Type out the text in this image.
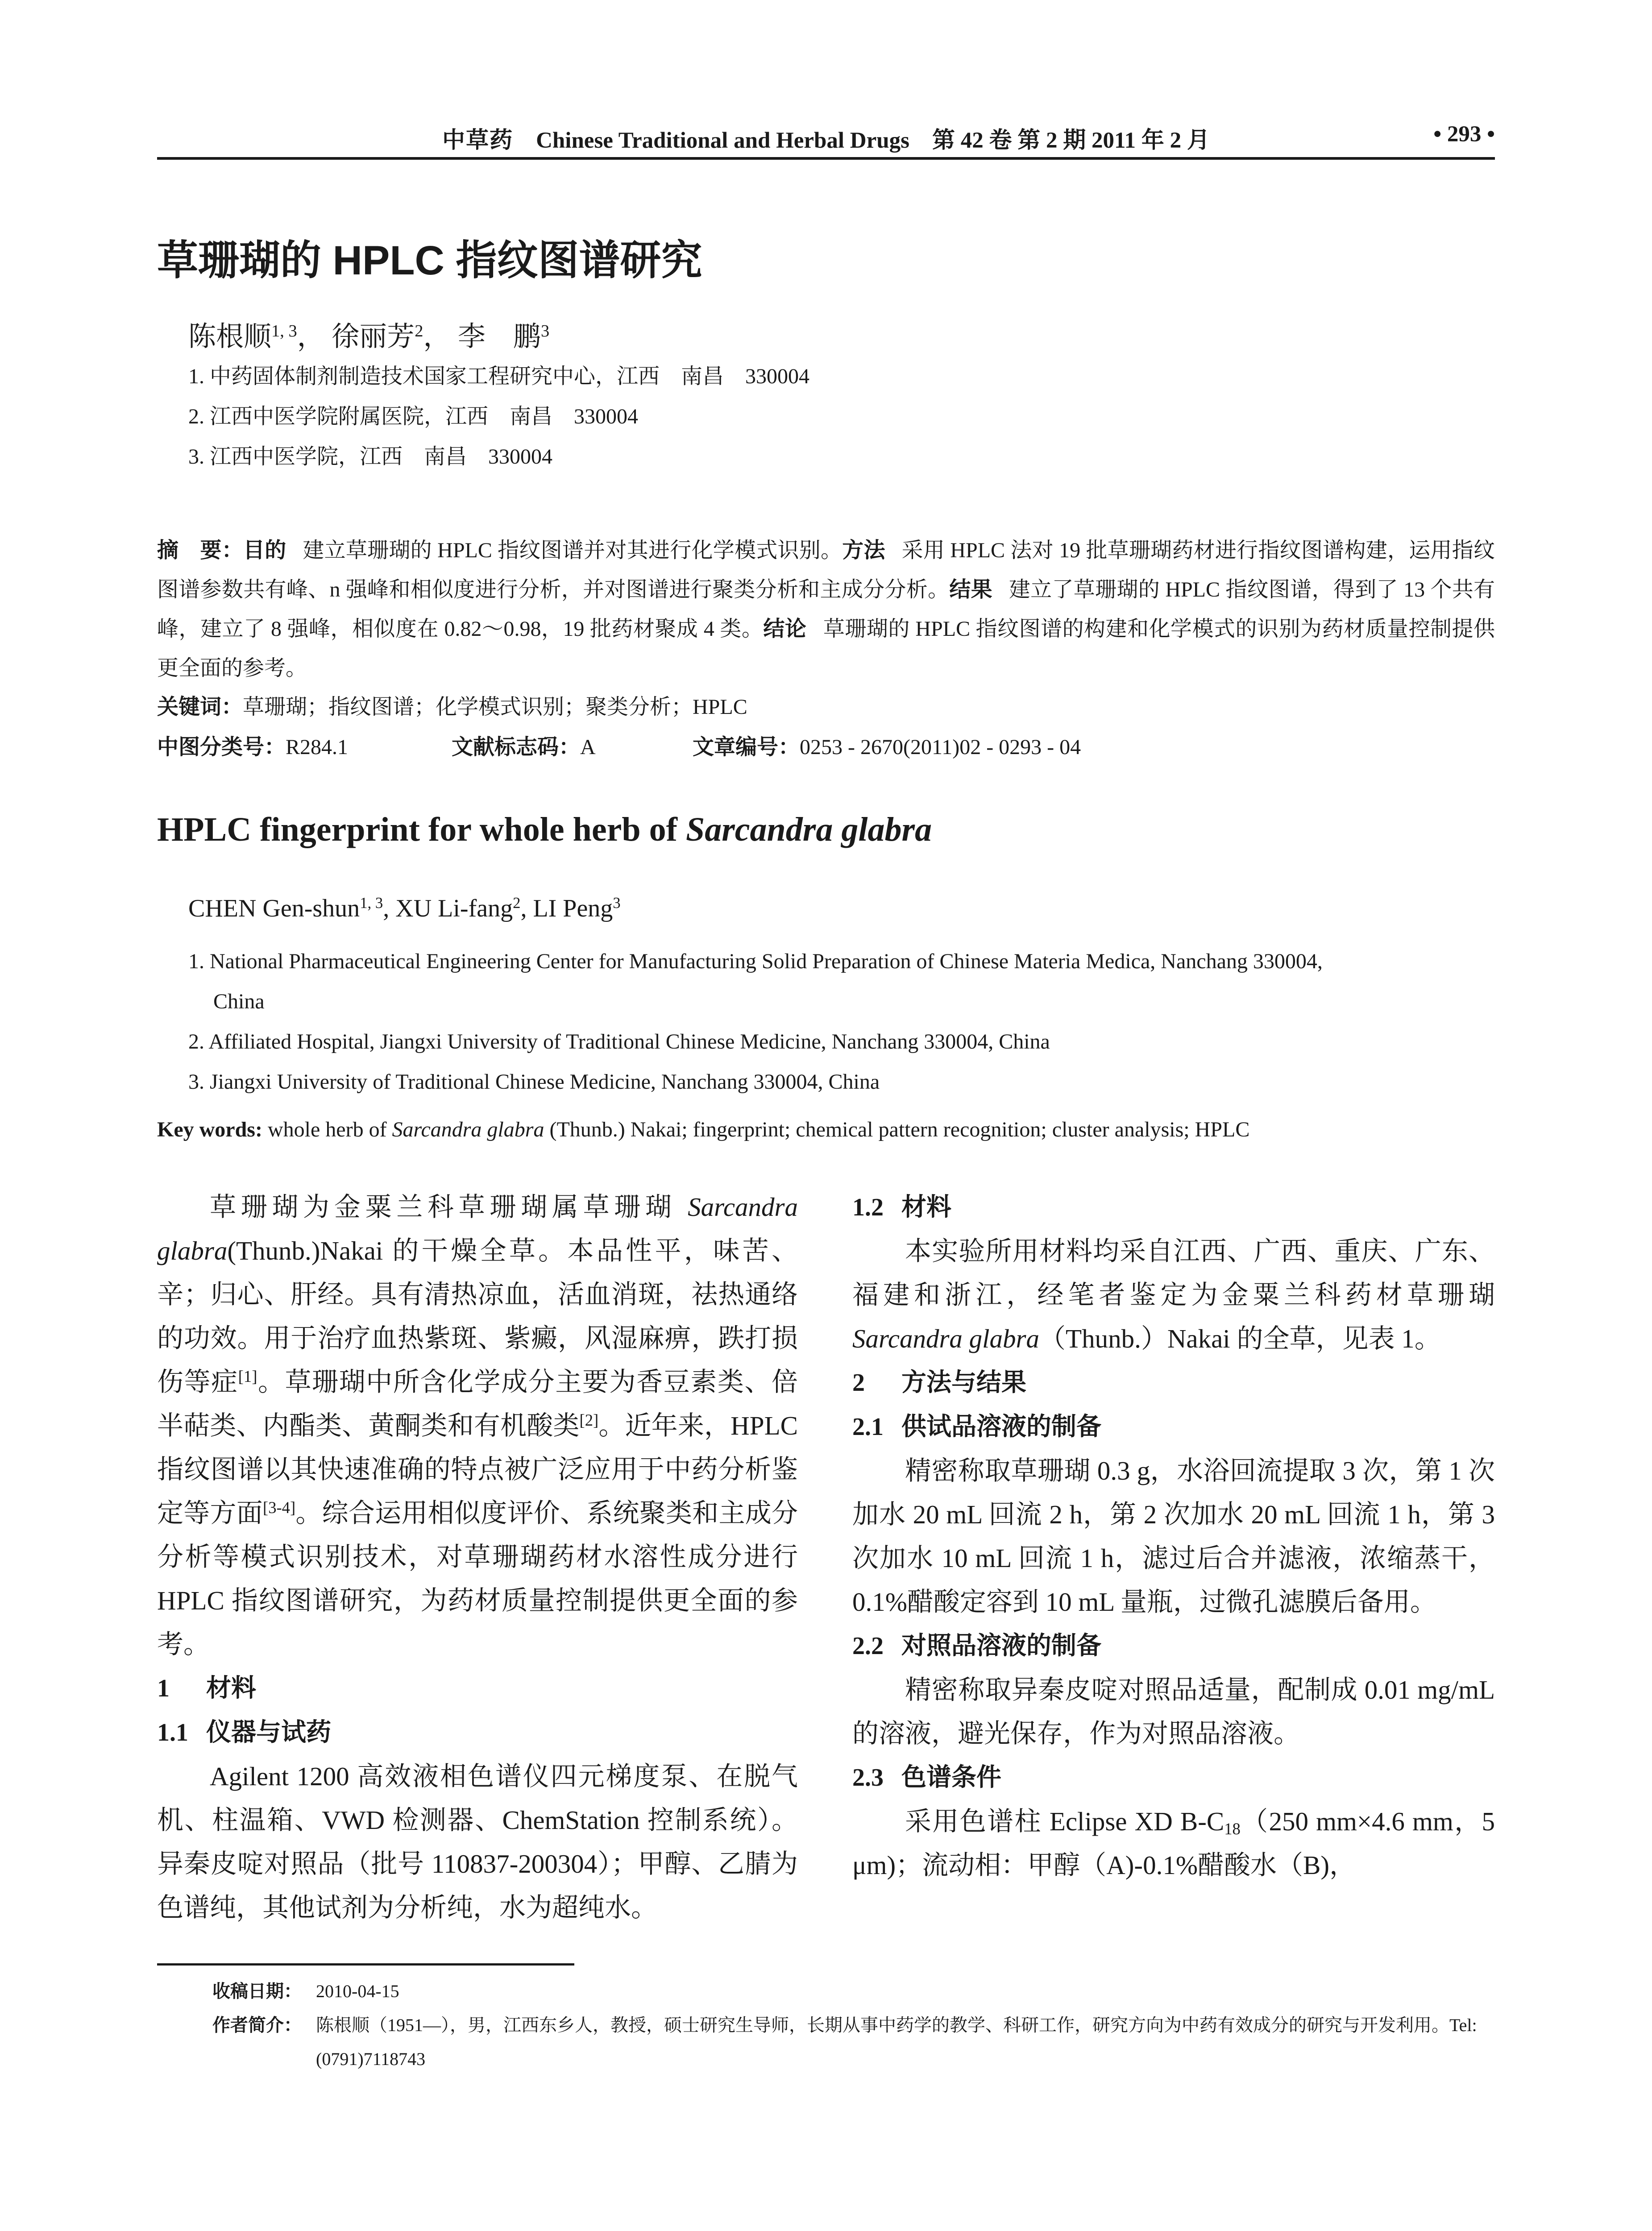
中草药 Chinese Traditional and Herbal Drugs 第 42 卷 第 2 期 2011 年 2 月	• 293 •
草珊瑚的 HPLC 指纹图谱研究
陈根顺$^{1, 3}$， 徐丽芳$^2$， 李　鹏$^3$
1. 中药固体制剂制造技术国家工程研究中心，江西　南昌　330004
2. 江西中医学院附属医院，江西　南昌　330004
3. 江西中医学院，江西　南昌　330004
摘　要：目的 建立草珊瑚的 HPLC 指纹图谱并对其进行化学模式识别。方法 采用 HPLC 法对 19 批草珊瑚药材进行指纹图谱构建，运用指纹图谱参数共有峰、n 强峰和相似度进行分析，并对图谱进行聚类分析和主成分分析。结果 建立了草珊瑚的 HPLC 指纹图谱，得到了 13 个共有峰，建立了 8 强峰，相似度在 0.82～0.98，19 批药材聚成 4 类。结论 草珊瑚的 HPLC 指纹图谱的构建和化学模式的识别为药材质量控制提供更全面的参考。
关键词：草珊瑚；指纹图谱；化学模式识别；聚类分析；HPLC
中图分类号：R284.1	文献标志码：A	文章编号：0253 - 2670(2011)02 - 0293 - 04
HPLC fingerprint for whole herb of Sarcandra glabra
CHEN Gen-shun$^{1, 3}$, XU Li-fang$^2$, LI Peng$^3$
1. National Pharmaceutical Engineering Center for Manufacturing Solid Preparation of Chinese Materia Medica, Nanchang 330004,
China
2. Affiliated Hospital, Jiangxi University of Traditional Chinese Medicine, Nanchang 330004, China
3. Jiangxi University of Traditional Chinese Medicine, Nanchang 330004, China
Key words: whole herb of Sarcandra glabra (Thunb.) Nakai; fingerprint; chemical pattern recognition; cluster analysis; HPLC

草珊瑚为金粟兰科草珊瑚属草珊瑚 Sarcandra glabra(Thunb.)Nakai 的干燥全草。本品性平，味苦、辛；归心、肝经。具有清热凉血，活血消斑，祛热通络的功效。用于治疗血热紫斑、紫癜，风湿麻痹，跌打损伤等症[1]。草珊瑚中所含化学成分主要为香豆素类、倍半萜类、内酯类、黄酮类和有机酸类[2]。近年来，HPLC 指纹图谱以其快速准确的特点被广泛应用于中药分析鉴定等方面[3-4]。综合运用相似度评价、系统聚类和主成分分析等模式识别技术，对草珊瑚药材水溶性成分进行 HPLC 指纹图谱研究，为药材质量控制提供更全面的参考。

1 材料

1.1 仪器与试药

Agilent 1200 高效液相色谱仪四元梯度泵、在脱气机、柱温箱、VWD 检测器、ChemStation 控制系统）。异秦皮啶对照品（批号 110837-200304）；甲醇、乙腈为色谱纯，其他试剂为分析纯，水为超纯水。

1.2 材料

本实验所用材料均采自江西、广西、重庆、广东、福建和浙江，经笔者鉴定为金粟兰科药材草珊瑚 Sarcandra glabra（Thunb.）Nakai 的全草，见表 1。

2 方法与结果

2.1 供试品溶液的制备

精密称取草珊瑚 0.3 g，水浴回流提取 3 次，第 1 次加水 20 mL 回流 2 h，第 2 次加水 20 mL 回流 1 h，第 3 次加水 10 mL 回流 1 h，滤过后合并滤液，浓缩蒸干，0.1%醋酸定容到 10 mL 量瓶，过微孔滤膜后备用。

2.2 对照品溶液的制备

精密称取异秦皮啶对照品适量，配制成 0.01 mg/mL 的溶液，避光保存，作为对照品溶液。

2.3 色谱条件

采用色谱柱 Eclipse XD $B-C_{18}(250$ mm×4.6 mm，5 μm)；流动相：甲醇（A)-0.1%醋酸水（B)，

收稿日期： 2010-04-15
作者简介： 陈根顺（1951—），男，江西东乡人，教授，硕士研究生导师，长期从事中药学的教学、科研工作，研究方向为中药有效成分的研究与开发利用。Tel: (0791)7118743
